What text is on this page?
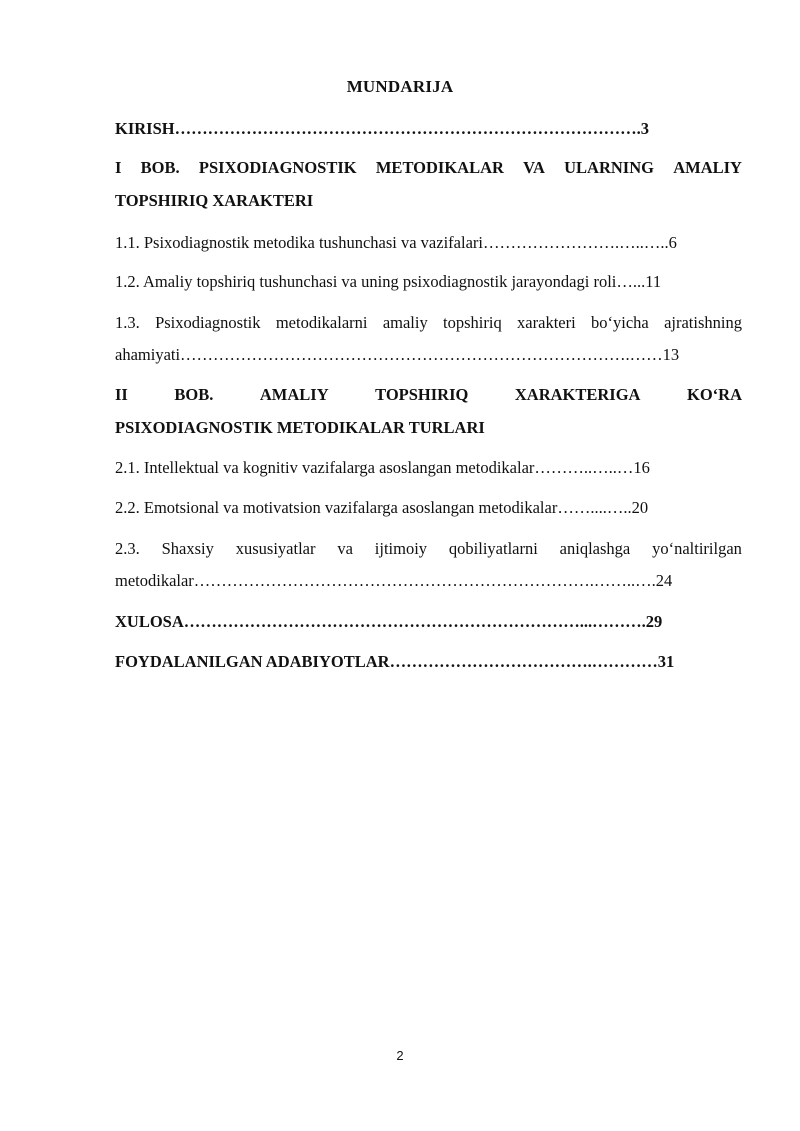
MUNDARIJA
KIRISH………………………………………………………………………….3
I BOB. PSIXODIAGNOSTIK METODIKALAR VA ULARNING AMALIY
TOPSHIRIQ XARAKTERI
1.1. Psixodiagnostik metodika tushunchasi va vazifalari…………………….…..…..6
1.2. Amaliy topshiriq tushunchasi va uning psixodiagnostik jarayondagi roli…...11
1.3. Psixodiagnostik metodikalarni amaliy topshiriq xarakteri bo‘yicha ajratishning
ahamiyati……………………………………………………………………….……13
II	BOB.	AMALIY	TOPSHIRIQ	XARAKTERIGA	KO‘RA
PSIXODIAGNOSTIK METODIKALAR TURLARI
2.1. Intellektual va kognitiv vazifalarga asoslangan metodikalar………..…..…16
2.2. Emotsional va motivatsion vazifalarga asoslangan metodikalar……....…..20
2.3. Shaxsiy xususiyatlar va ijtimoiy qobiliyatlarni aniqlashga yo‘naltirilgan
metodikalar……………………………………………………………….……..….24
XULOSA………………………………………………………………...……….29
FOYDALANILGAN ADABIYOTLAR……………………………….…………31
2
